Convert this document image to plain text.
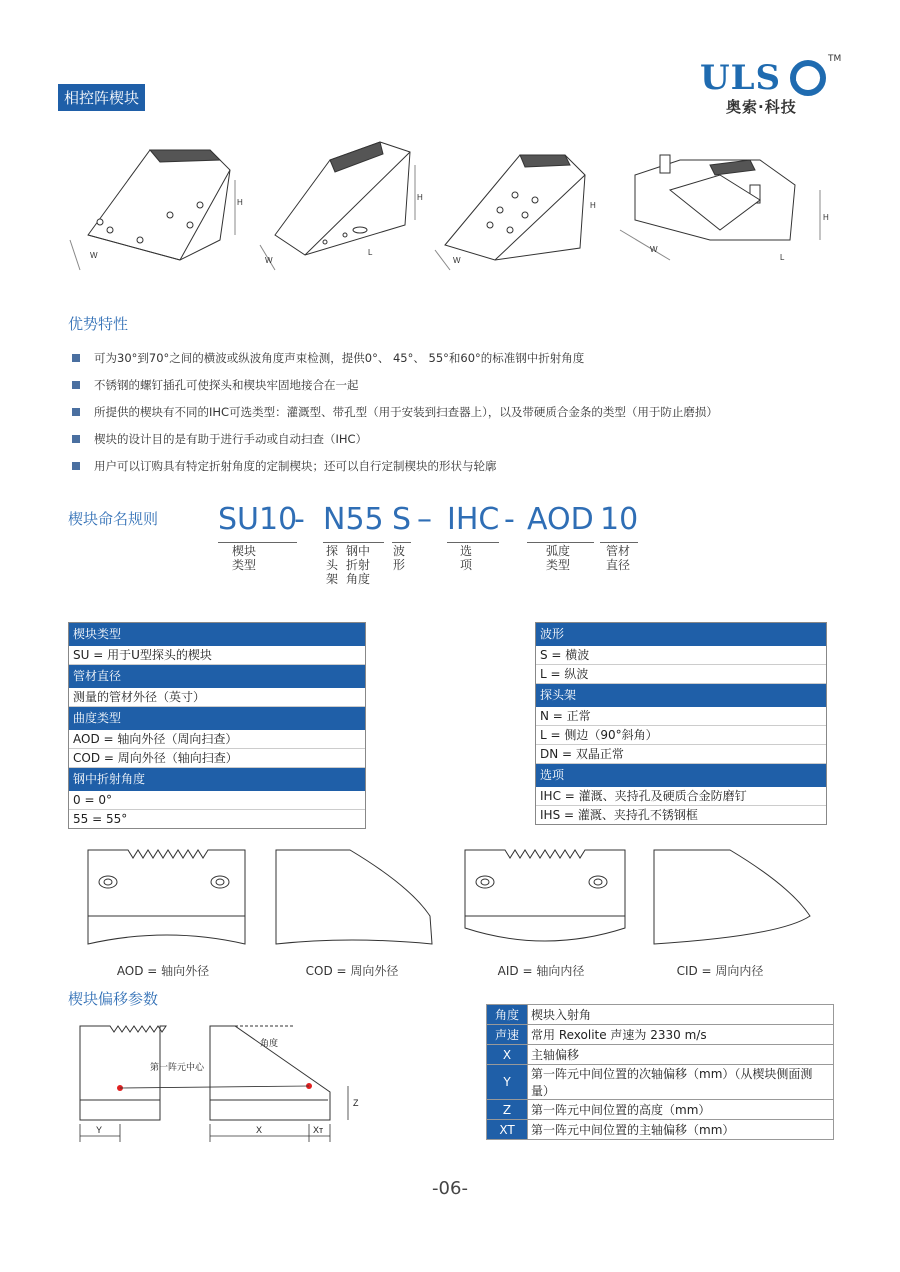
相控阵楔块	ULS	TM
奥索·科技
H
H
L
W
W
H
W
W
H
L
优势特性
可为30°到70°之间的横波或纵波角度声束检测，提供0°、 45°、 55°和60°的标准钢中折射角度
不锈钢的螺钉插孔可使探头和楔块牢固地接合在一起
所提供的楔块有不同的IHC可选类型：灌溉型、带孔型（用于安装到扫查器上），以及带硬质合金条的类型（用于防止磨损）
楔块的设计目的是有助于进行手动或自动扫查（IHC）
用户可以订购具有特定折射角度的定制楔块；还可以自行定制楔块的形状与轮廓
楔块命名规则 SU10
- N55 S – IHC - AOD 10
楔块
类型
探
头
架
钢中
折射
角度
波
形
选
项
弧度
类型
管材
直径
楔块类型
SU = 用于U型探头的楔块
管材直径
测量的管材外径（英寸）
曲度类型
AOD = 轴向外径（周向扫查）
COD = 周向外径（轴向扫查）
钢中折射角度
0 = 0°
55 = 55°
波形
S = 横波
L = 纵波
探头架
N = 正常
L = 侧边（90°斜角）
DN = 双晶正常
选项
IHC = 灌溉、夹持孔及硬质合金防磨钉
IHS = 灌溉、夹持孔不锈钢框
AOD = 轴向外径	COD = 周向外径	AID = 轴向内径	CID = 周向内径
楔块偏移参数
第一阵元中心
角度
Y	X	Xт
Z
角度	楔块入射角
声速	常用 Rexolite 声速为 2330 m/s
X	主轴偏移
Y	第一阵元中间位置的次轴偏移（mm）（从楔块侧面测量）
Z	第一阵元中间位置的高度（mm）
XT	第一阵元中间位置的主轴偏移（mm）
-06-
